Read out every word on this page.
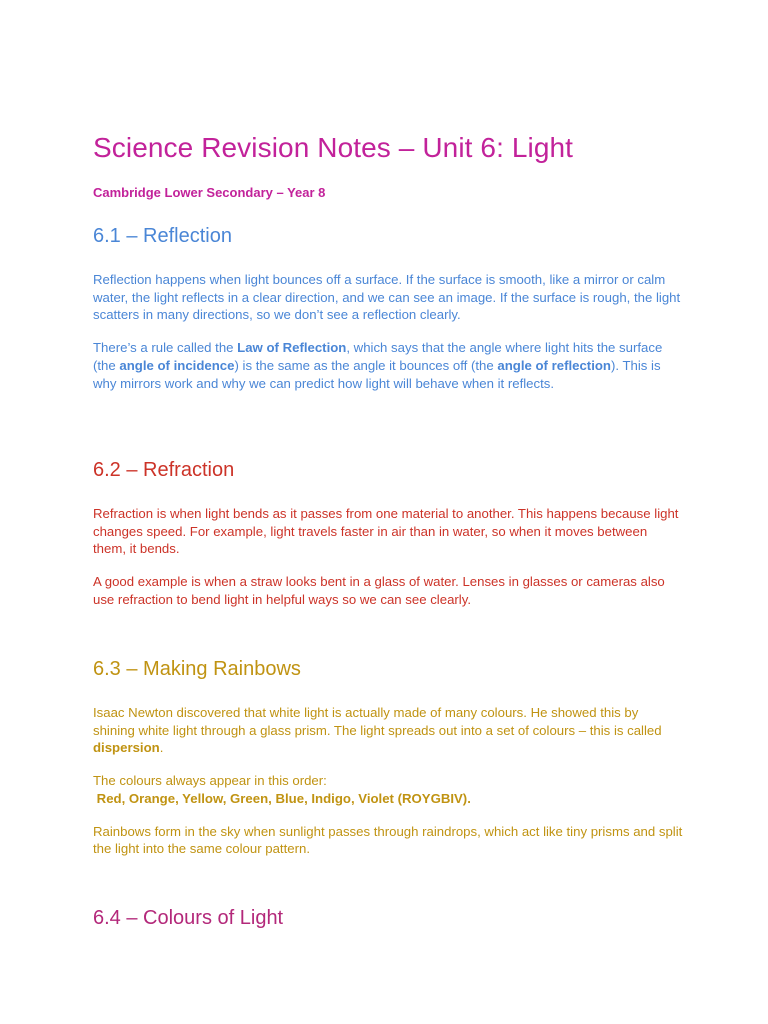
Science Revision Notes – Unit 6: Light
Cambridge Lower Secondary – Year 8
6.1 – Reflection

Reflection happens when light bounces off a surface. If the surface is smooth, like a mirror or calm water, the light reflects in a clear direction, and we can see an image. If the surface is rough, the light scatters in many directions, so we don’t see a reflection clearly.

There’s a rule called the Law of Reflection, which says that the angle where light hits the surface (the angle of incidence) is the same as the angle it bounces off (the angle of reflection). This is why mirrors work and why we can predict how light will behave when it reflects.

6.2 – Refraction

Refraction is when light bends as it passes from one material to another. This happens because light changes speed. For example, light travels faster in air than in water, so when it moves between them, it bends.

A good example is when a straw looks bent in a glass of water. Lenses in glasses or cameras also use refraction to bend light in helpful ways so we can see clearly.

6.3 – Making Rainbows

Isaac Newton discovered that white light is actually made of many colours. He showed this by shining white light through a glass prism. The light spreads out into a set of colours – this is called dispersion.

The colours always appear in this order:
Red, Orange, Yellow, Green, Blue, Indigo, Violet (ROYGBIV).

Rainbows form in the sky when sunlight passes through raindrops, which act like tiny prisms and split the light into the same colour pattern.

6.4 – Colours of Light
